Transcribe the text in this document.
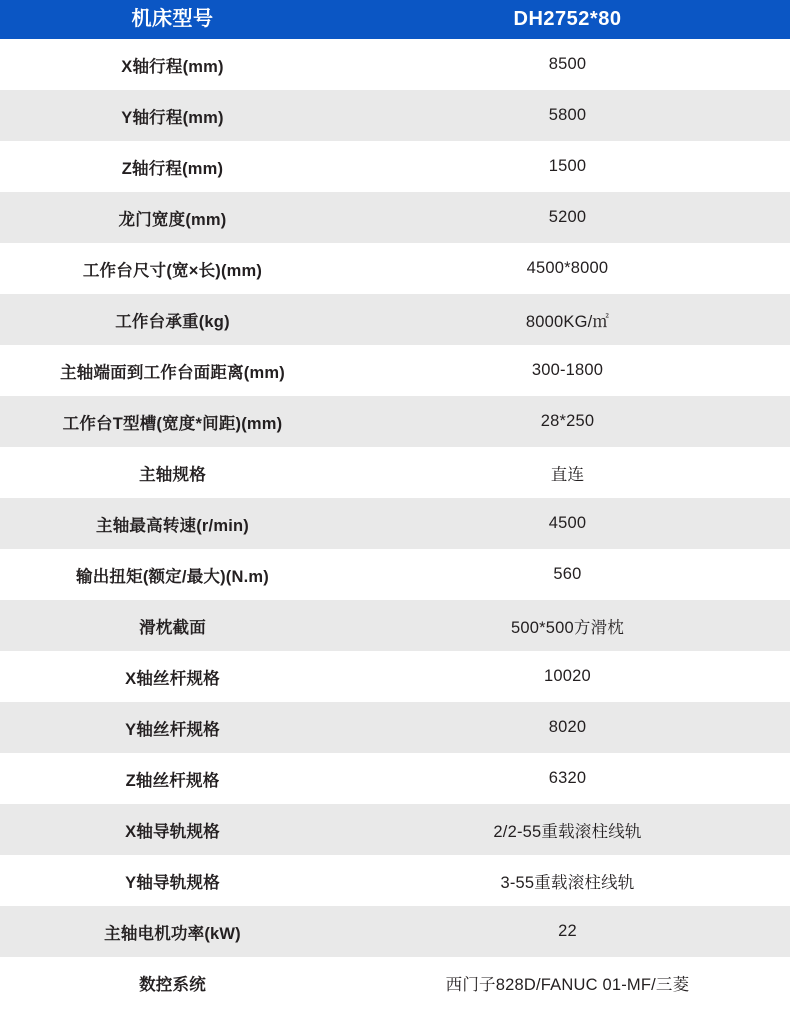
机床型号	DH2752*80
X轴行程(mm)	8500
Y轴行程(mm)	5800
Z轴行程(mm)	1500
龙门宽度(mm)	5200
工作台尺寸(宽×长)(mm)	4500*8000
工作台承重(kg)	8000KG/㎡
主轴端面到工作台面距离(mm)	300-1800
工作台T型槽(宽度*间距)(mm)	28*250
主轴规格	直连
主轴最高转速(r/min)	4500
输出扭矩(额定/最大)(N.m)	560
滑枕截面	500*500方滑枕
X轴丝杆规格	10020
Y轴丝杆规格	8020
Z轴丝杆规格	6320
X轴导轨规格	2/2-55重载滚柱线轨
Y轴导轨规格	3-55重载滚柱线轨
主轴电机功率(kW)	22
数控系统	西门子828D/FANUC 01-MF/三菱
